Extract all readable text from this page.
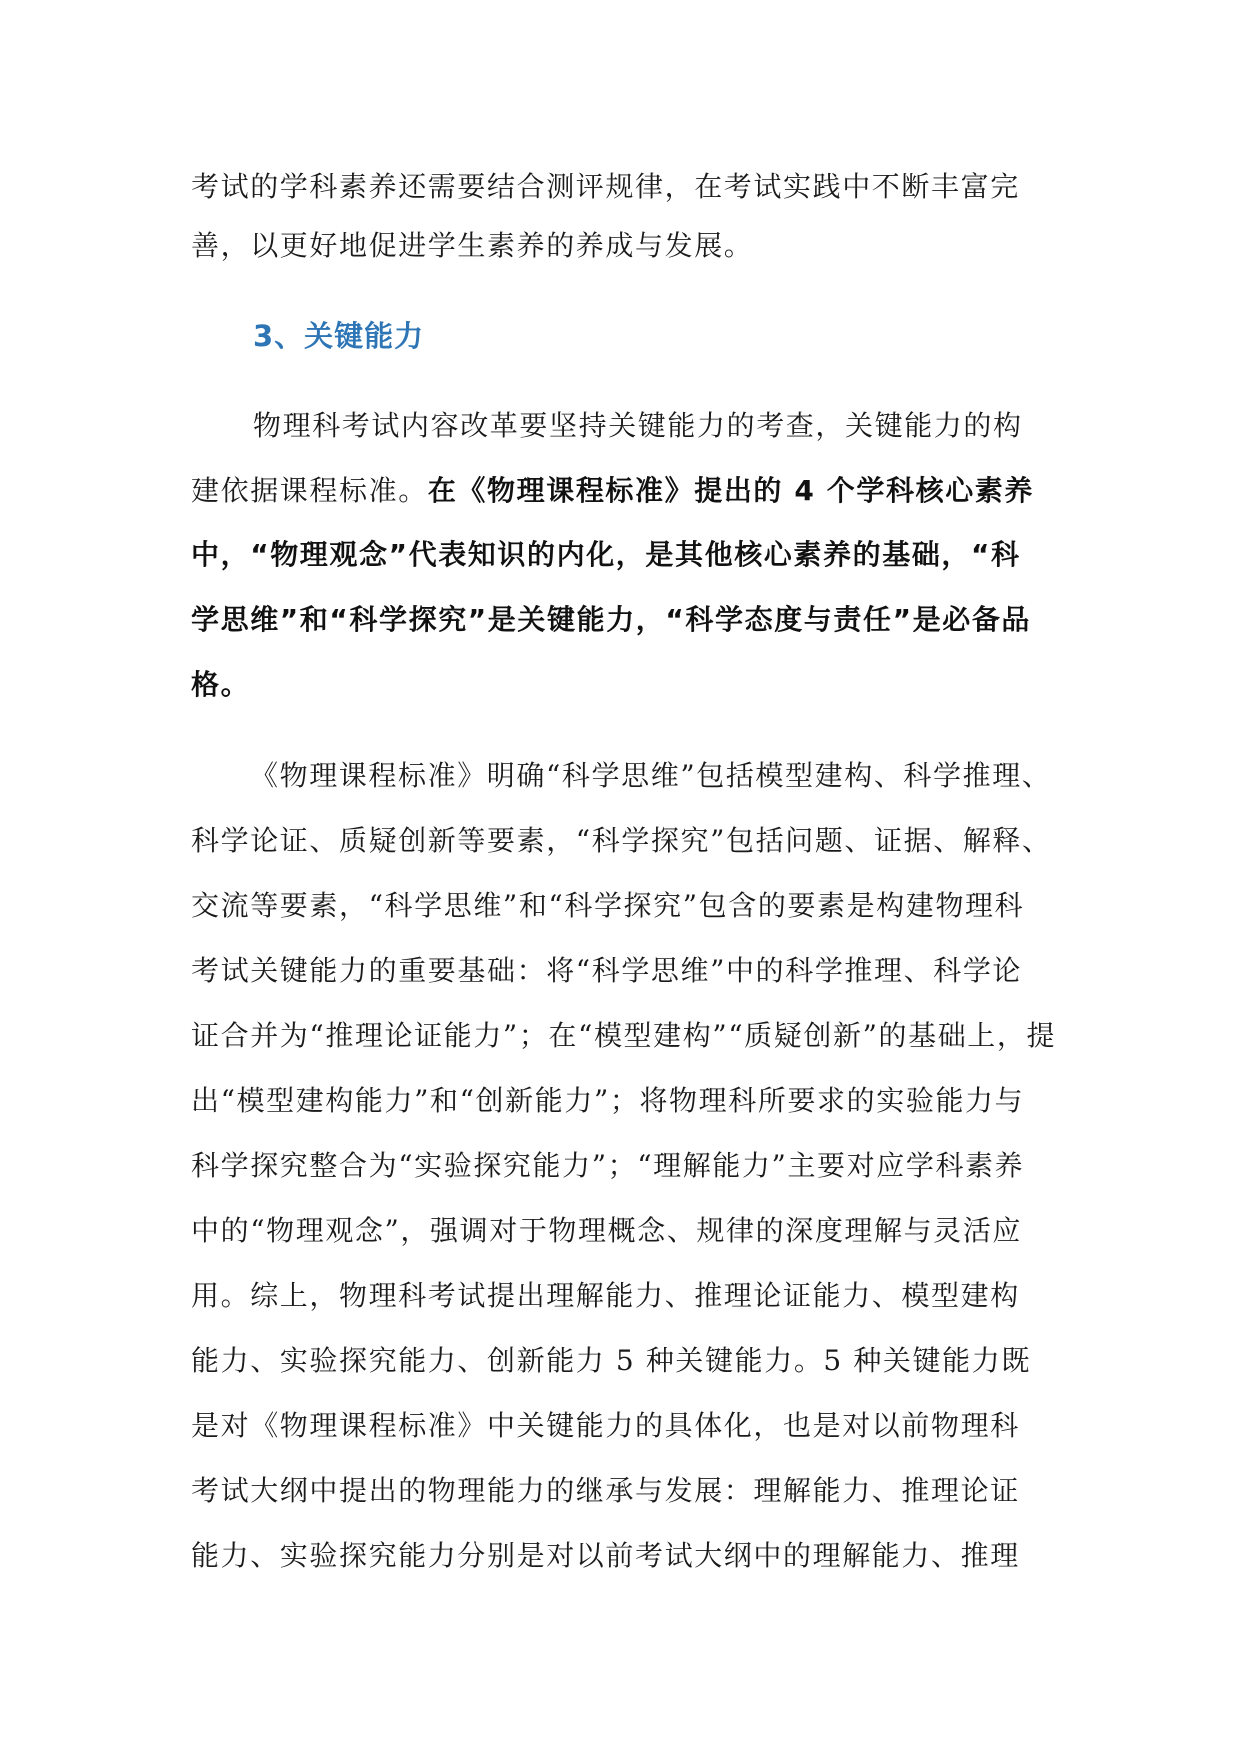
考试的学科素养还需要结合测评规律，在考试实践中不断丰富完
善，以更好地促进学生素养的养成与发展。
3、关键能力
物理科考试内容改革要坚持关键能力的考查，关键能力的构
建依据课程标准。在《物理课程标准》提出的 4 个学科核心素养
中，“物理观念”代表知识的内化，是其他核心素养的基础，“科
学思维”和“科学探究”是关键能力，“科学态度与责任”是必备品
格。
《物理课程标准》明确“科学思维”包括模型建构、科学推理、
科学论证、质疑创新等要素，“科学探究”包括问题、证据、解释、
交流等要素，“科学思维”和“科学探究”包含的要素是构建物理科
考试关键能力的重要基础：将“科学思维”中的科学推理、科学论
证合并为“推理论证能力”；在“模型建构”“质疑创新”的基础上，提
出“模型建构能力”和“创新能力”；将物理科所要求的实验能力与
科学探究整合为“实验探究能力”；“理解能力”主要对应学科素养
中的“物理观念”，强调对于物理概念、规律的深度理解与灵活应
用。综上，物理科考试提出理解能力、推理论证能力、模型建构
能力、实验探究能力、创新能力 5 种关键能力。5 种关键能力既
是对《物理课程标准》中关键能力的具体化，也是对以前物理科
考试大纲中提出的物理能力的继承与发展：理解能力、推理论证
能力、实验探究能力分别是对以前考试大纲中的理解能力、推理
